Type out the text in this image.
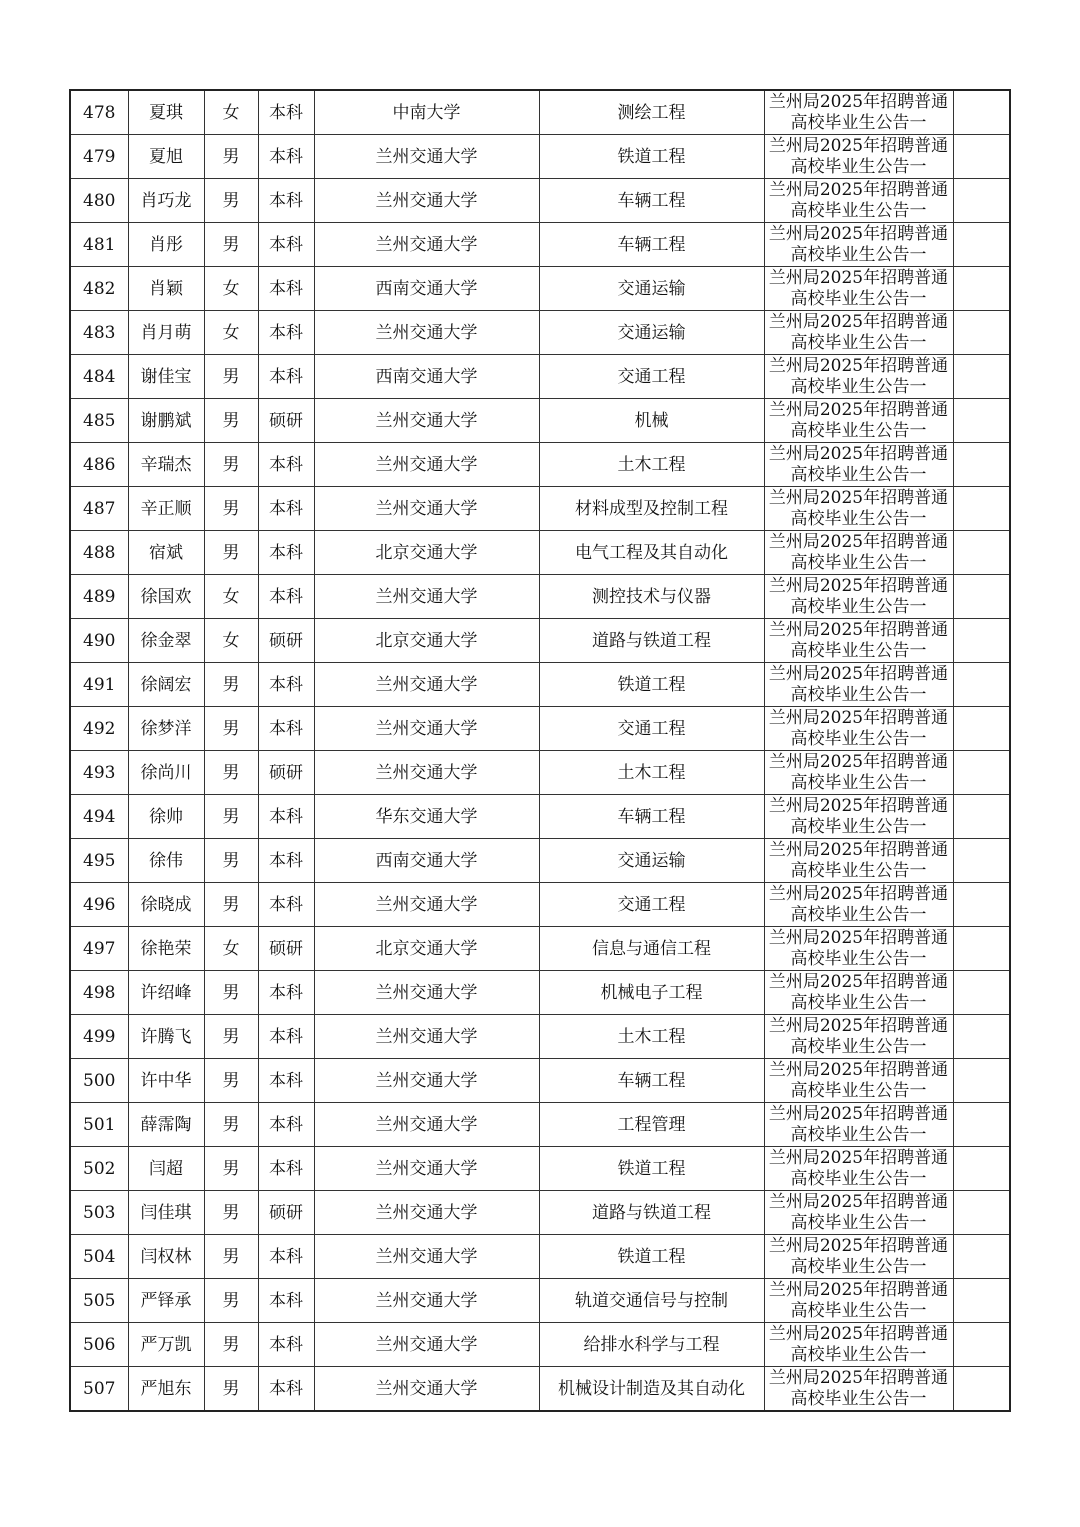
478	夏琪	女	本科	中南大学	测绘工程	兰州局2025年招聘普通
高校毕业生公告一	

479	夏旭	男	本科	兰州交通大学	铁道工程	兰州局2025年招聘普通
高校毕业生公告一	

480	肖巧龙	男	本科	兰州交通大学	车辆工程	兰州局2025年招聘普通
高校毕业生公告一	

481	肖彤	男	本科	兰州交通大学	车辆工程	兰州局2025年招聘普通
高校毕业生公告一	

482	肖颖	女	本科	西南交通大学	交通运输	兰州局2025年招聘普通
高校毕业生公告一	

483	肖月萌	女	本科	兰州交通大学	交通运输	兰州局2025年招聘普通
高校毕业生公告一	

484	谢佳宝	男	本科	西南交通大学	交通工程	兰州局2025年招聘普通
高校毕业生公告一	

485	谢鹏斌	男	硕研	兰州交通大学	机械	兰州局2025年招聘普通
高校毕业生公告一	

486	辛瑞杰	男	本科	兰州交通大学	土木工程	兰州局2025年招聘普通
高校毕业生公告一	

487	辛正顺	男	本科	兰州交通大学	材料成型及控制工程	兰州局2025年招聘普通
高校毕业生公告一	

488	宿斌	男	本科	北京交通大学	电气工程及其自动化	兰州局2025年招聘普通
高校毕业生公告一	

489	徐国欢	女	本科	兰州交通大学	测控技术与仪器	兰州局2025年招聘普通
高校毕业生公告一	

490	徐金翠	女	硕研	北京交通大学	道路与铁道工程	兰州局2025年招聘普通
高校毕业生公告一	

491	徐阔宏	男	本科	兰州交通大学	铁道工程	兰州局2025年招聘普通
高校毕业生公告一	

492	徐梦洋	男	本科	兰州交通大学	交通工程	兰州局2025年招聘普通
高校毕业生公告一	

493	徐尚川	男	硕研	兰州交通大学	土木工程	兰州局2025年招聘普通
高校毕业生公告一	

494	徐帅	男	本科	华东交通大学	车辆工程	兰州局2025年招聘普通
高校毕业生公告一	

495	徐伟	男	本科	西南交通大学	交通运输	兰州局2025年招聘普通
高校毕业生公告一	

496	徐晓成	男	本科	兰州交通大学	交通工程	兰州局2025年招聘普通
高校毕业生公告一	

497	徐艳荣	女	硕研	北京交通大学	信息与通信工程	兰州局2025年招聘普通
高校毕业生公告一	

498	许绍峰	男	本科	兰州交通大学	机械电子工程	兰州局2025年招聘普通
高校毕业生公告一	

499	许腾飞	男	本科	兰州交通大学	土木工程	兰州局2025年招聘普通
高校毕业生公告一	

500	许中华	男	本科	兰州交通大学	车辆工程	兰州局2025年招聘普通
高校毕业生公告一	

501	薛霈陶	男	本科	兰州交通大学	工程管理	兰州局2025年招聘普通
高校毕业生公告一	

502	闫超	男	本科	兰州交通大学	铁道工程	兰州局2025年招聘普通
高校毕业生公告一	

503	闫佳琪	男	硕研	兰州交通大学	道路与铁道工程	兰州局2025年招聘普通
高校毕业生公告一	

504	闫权林	男	本科	兰州交通大学	铁道工程	兰州局2025年招聘普通
高校毕业生公告一	

505	严铎承	男	本科	兰州交通大学	轨道交通信号与控制	兰州局2025年招聘普通
高校毕业生公告一	

506	严万凯	男	本科	兰州交通大学	给排水科学与工程	兰州局2025年招聘普通
高校毕业生公告一	

507	严旭东	男	本科	兰州交通大学	机械设计制造及其自动化	兰州局2025年招聘普通
高校毕业生公告一	
